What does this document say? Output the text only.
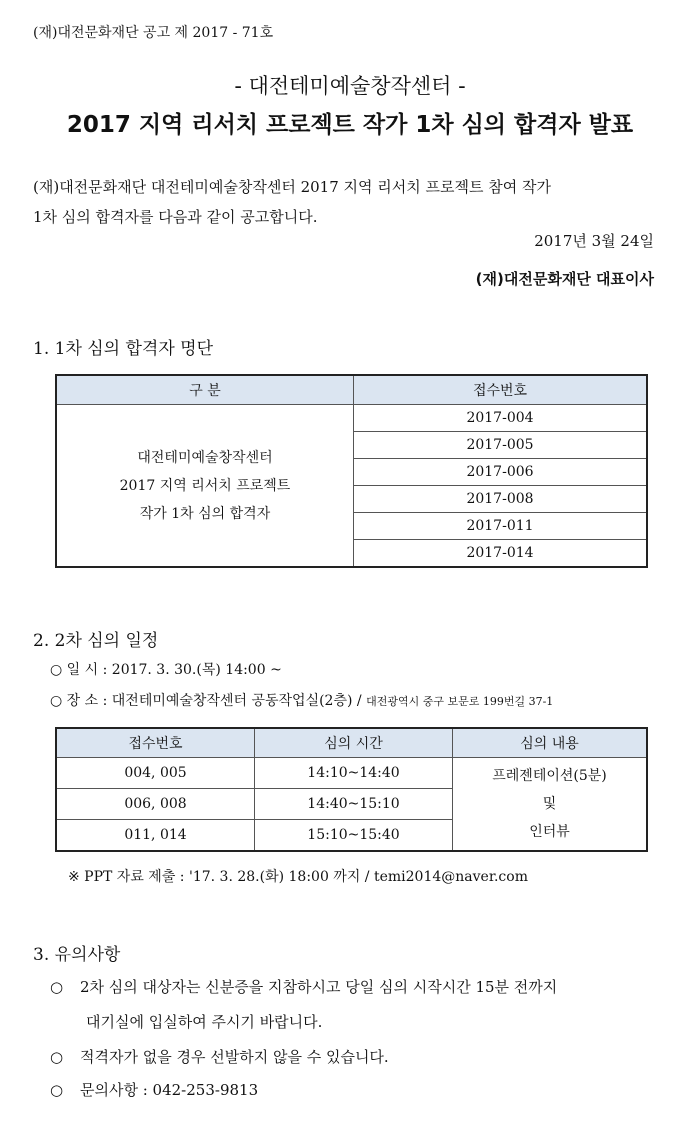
(재)대전문화재단 공고 제 2017 - 71호
- 대전테미예술창작센터 -
2017 지역 리서치 프로젝트 작가 1차 심의 합격자 발표
(재)대전문화재단 대전테미예술창작센터 2017 지역 리서치 프로젝트 참여 작가
1차 심의 합격자를 다음과 같이 공고합니다.
2017년 3월 24일
(재)대전문화재단 대표이사
1. 1차 심의 합격자 명단
구 분	접수번호

대전테미예술창작센터
2017 지역 리서치 프로젝트
작가 1차 심의 합격자	2017-004
	2017-005
	2017-006
	2017-008
	2017-011
	2017-014
2. 2차 심의 일정
○ 일 시 : 2017. 3. 30.(목) 14:00 ~
○ 장 소 : 대전테미예술창작센터 공동작업실(2층) / 대전광역시 중구 보문로 199번길 37-1
접수번호	심의 시간	심의 내용
004, 005	14:10~14:40	프레젠테이션(5분)
및
인터뷰

006, 008	14:40~15:10	
011, 014	15:10~15:40	
※ PPT 자료 제출 : '17. 3. 28.(화) 18:00 까지 / temi2014@naver.com
3. 유의사항
○ 2차 심의 대상자는 신분증을 지참하시고 당일 심의 시작시간 15분 전까지
대기실에 입실하여 주시기 바랍니다.
○ 적격자가 없을 경우 선발하지 않을 수 있습니다.
○ 문의사항 : 042-253-9813
